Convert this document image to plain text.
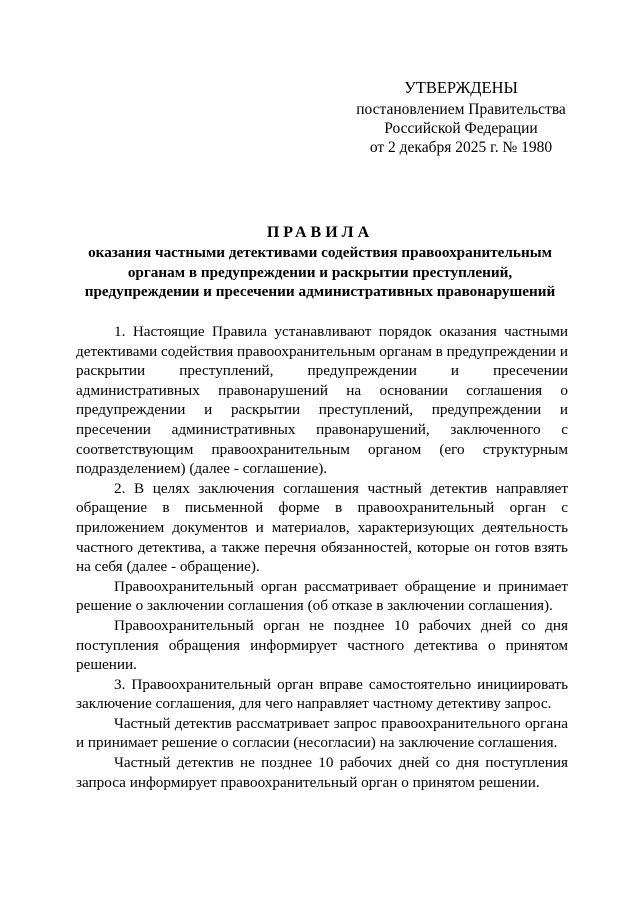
УТВЕРЖДЕНЫ
постановлением Правительства
Российской Федерации
от 2 декабря 2025 г. № 1980
ПРАВИЛА
оказания частными детективами содействия правоохранительным
органам в предупреждении и раскрытии преступлений,
предупреждении и пресечении административных правонарушений

1. Настоящие Правила устанавливают порядок оказания частными детективами содействия правоохранительным органам в предупреждении и раскрытии преступлений, предупреждении и пресечении административных правонарушений на основании соглашения о предупреждении и раскрытии преступлений, предупреждении и пресечении административных правонарушений, заключенного с соответствующим правоохранительным органом (его структурным подразделением) (далее - соглашение).

2. В целях заключения соглашения частный детектив направляет обращение в письменной форме в правоохранительный орган с приложением документов и материалов, характеризующих деятельность частного детектива, а также перечня обязанностей, которые он готов взять на себя (далее - обращение).

Правоохранительный орган рассматривает обращение и принимает решение о заключении соглашения (об отказе в заключении соглашения).

Правоохранительный орган не позднее 10 рабочих дней со дня поступления обращения информирует частного детектива о принятом решении.

3. Правоохранительный орган вправе самостоятельно инициировать заключение соглашения, для чего направляет частному детективу запрос.

Частный детектив рассматривает запрос правоохранительного органа и принимает решение о согласии (несогласии) на заключение соглашения.

Частный детектив не позднее 10 рабочих дней со дня поступления запроса информирует правоохранительный орган о принятом решении.
